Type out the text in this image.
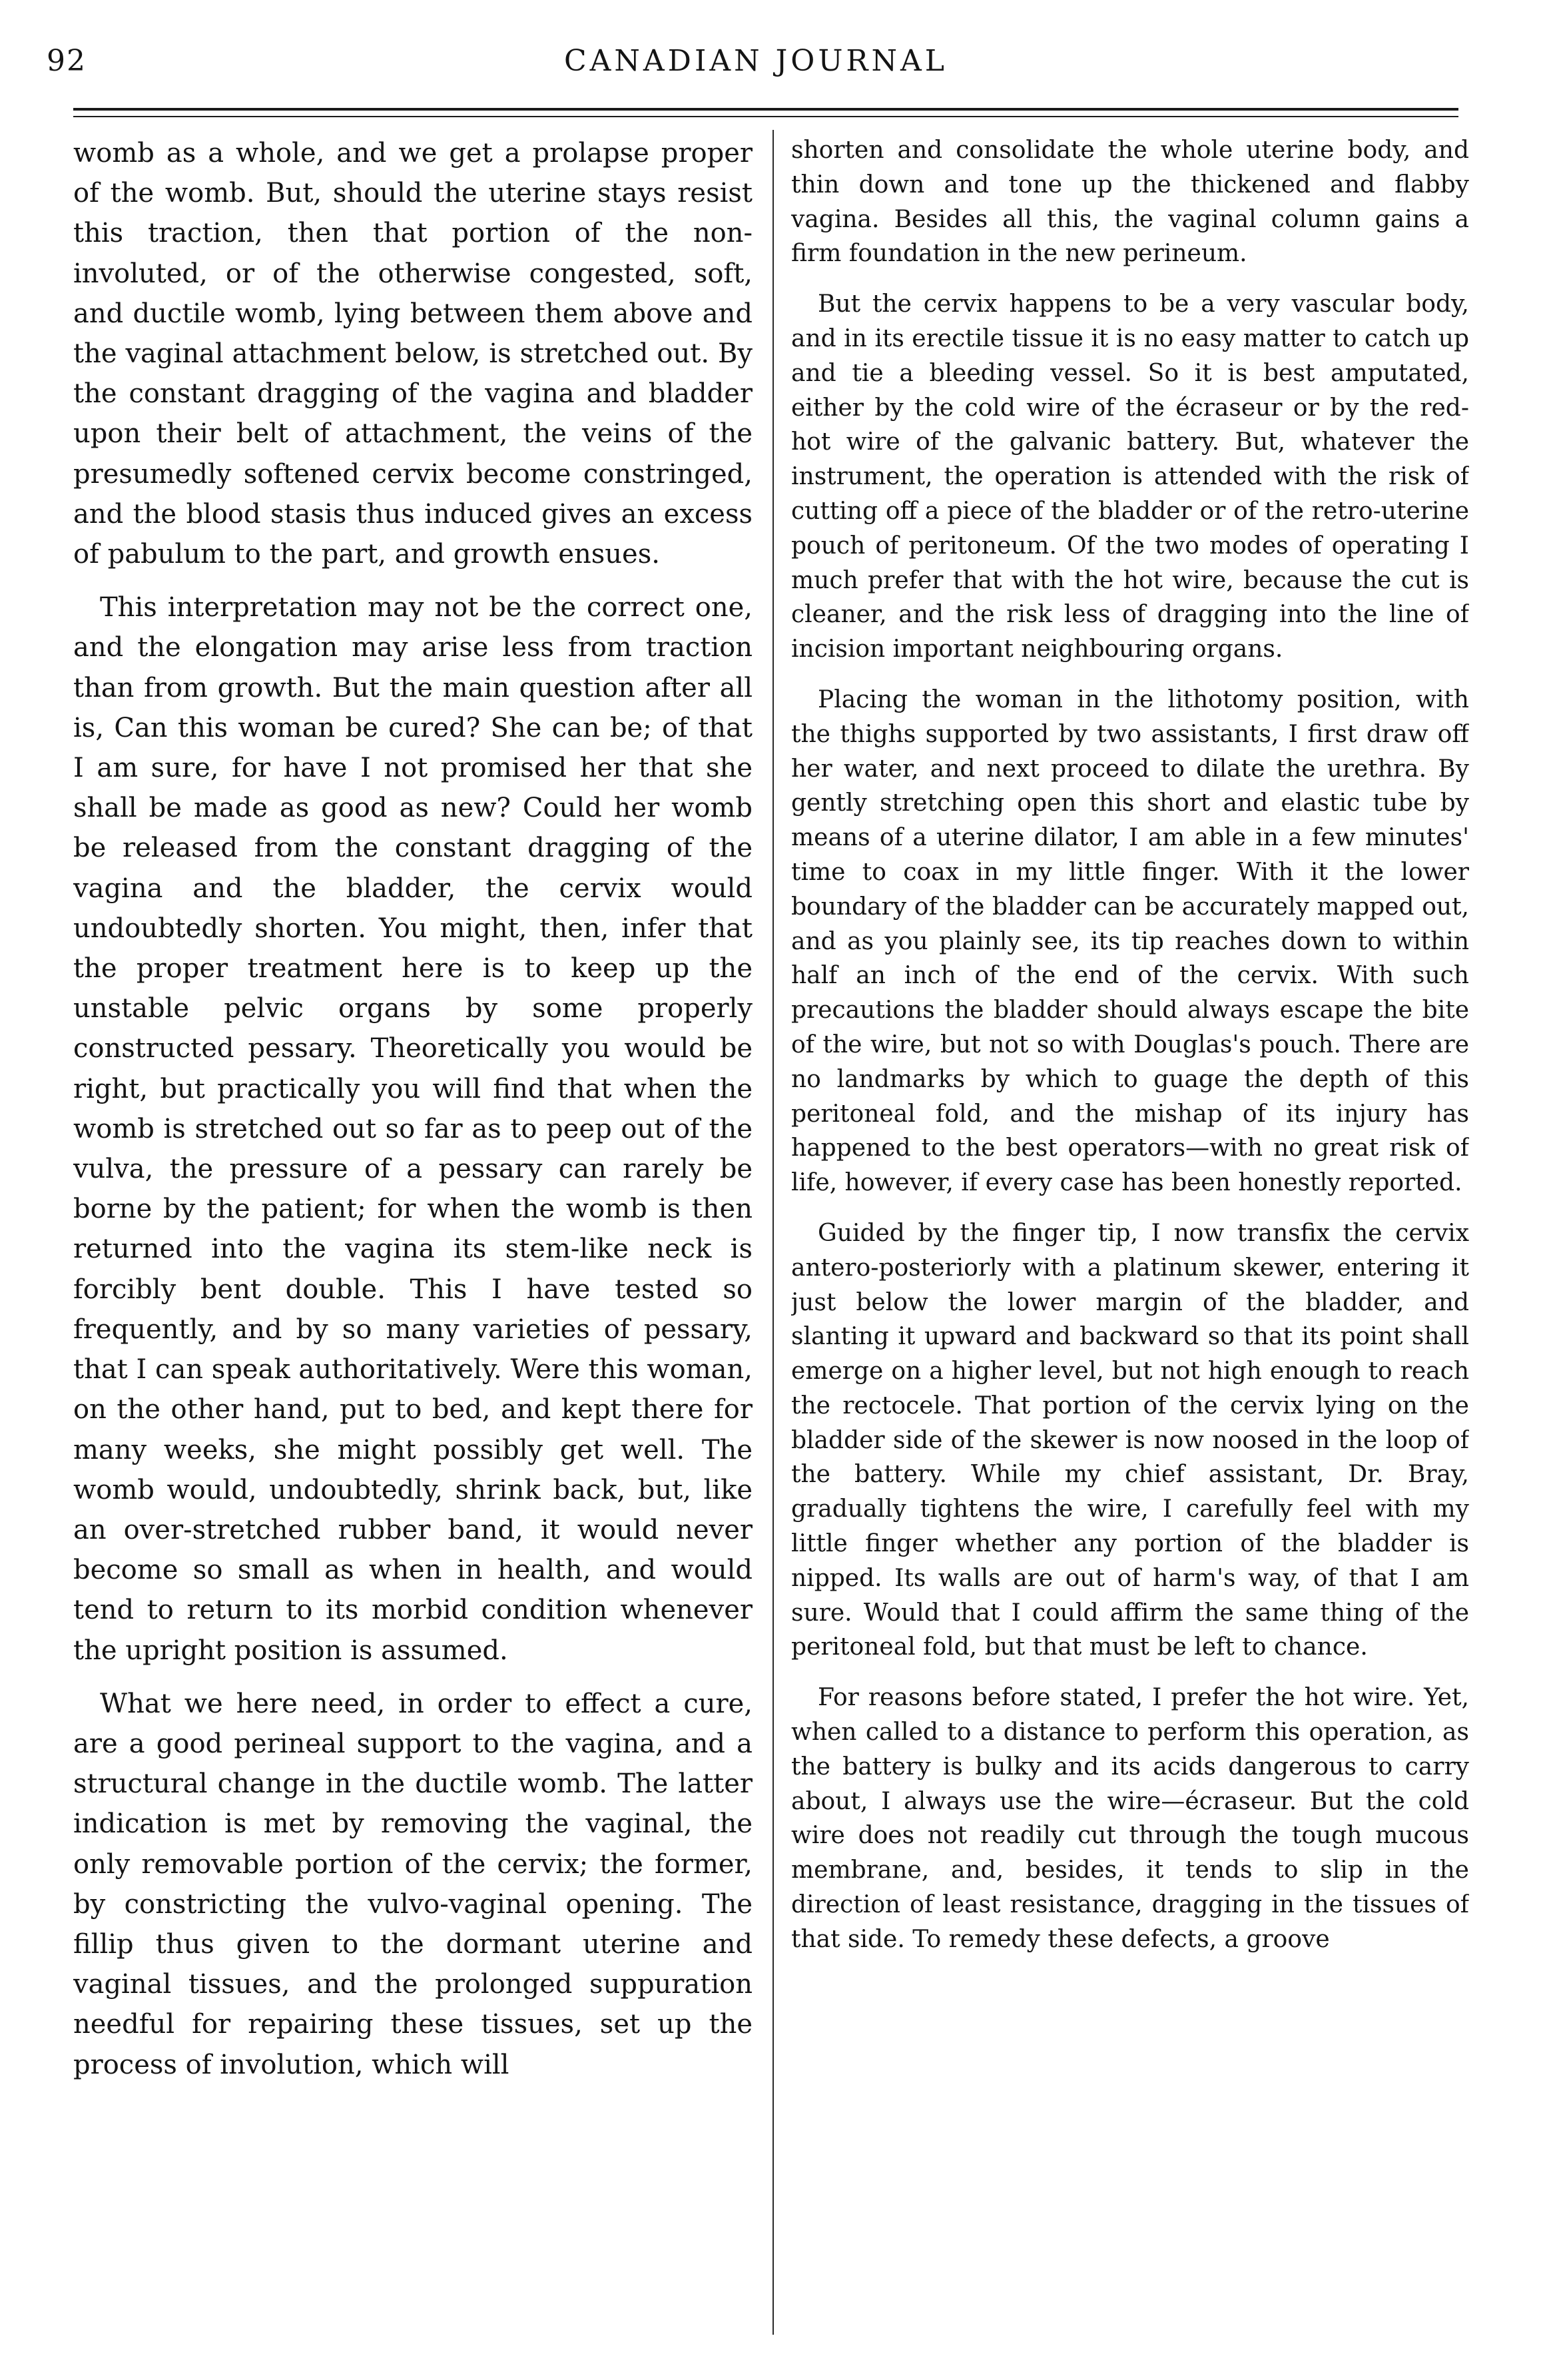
92	CANADIAN JOURNAL

womb as a whole, and we get a prolapse proper of the womb. But, should the uterine stays resist this traction, then that portion of the non-involuted, or of the otherwise congested, soft, and ductile womb, lying between them above and the vaginal attachment below, is stretched out. By the constant dragging of the vagina and bladder upon their belt of attachment, the veins of the presumedly softened cervix become constringed, and the blood stasis thus induced gives an excess of pabulum to the part, and growth ensues.

This interpretation may not be the correct one, and the elongation may arise less from traction than from growth. But the main question after all is, Can this woman be cured? She can be; of that I am sure, for have I not promised her that she shall be made as good as new? Could her womb be released from the constant dragging of the vagina and the bladder, the cervix would undoubtedly shorten. You might, then, infer that the proper treatment here is to keep up the unstable pelvic organs by some properly constructed pessary. Theoretically you would be right, but practically you will find that when the womb is stretched out so far as to peep out of the vulva, the pressure of a pessary can rarely be borne by the patient; for when the womb is then returned into the vagina its stem-like neck is forcibly bent double. This I have tested so frequently, and by so many varieties of pessary, that I can speak authoritatively. Were this woman, on the other hand, put to bed, and kept there for many weeks, she might possibly get well. The womb would, undoubtedly, shrink back, but, like an over-stretched rubber band, it would never become so small as when in health, and would tend to return to its morbid condition whenever the upright position is assumed.

What we here need, in order to effect a cure, are a good perineal support to the vagina, and a structural change in the ductile womb. The latter indication is met by removing the vaginal, the only removable portion of the cervix; the former, by constricting the vulvo-vaginal opening. The fillip thus given to the dormant uterine and vaginal tissues, and the prolonged suppuration needful for repairing these tissues, set up the process of involution, which will

shorten and consolidate the whole uterine body, and thin down and tone up the thickened and flabby vagina. Besides all this, the vaginal column gains a firm foundation in the new perineum.

But the cervix happens to be a very vascular body, and in its erectile tissue it is no easy matter to catch up and tie a bleeding vessel. So it is best amputated, either by the cold wire of the écraseur or by the red-hot wire of the galvanic battery. But, whatever the instrument, the operation is attended with the risk of cutting off a piece of the bladder or of the retro-uterine pouch of peritoneum. Of the two modes of operating I much prefer that with the hot wire, because the cut is cleaner, and the risk less of dragging into the line of incision important neighbouring organs.

Placing the woman in the lithotomy position, with the thighs supported by two assistants, I first draw off her water, and next proceed to dilate the urethra. By gently stretching open this short and elastic tube by means of a uterine dilator, I am able in a few minutes' time to coax in my little finger. With it the lower boundary of the bladder can be accurately mapped out, and as you plainly see, its tip reaches down to within half an inch of the end of the cervix. With such precautions the bladder should always escape the bite of the wire, but not so with Douglas's pouch. There are no landmarks by which to guage the depth of this peritoneal fold, and the mishap of its injury has happened to the best operators—with no great risk of life, however, if every case has been honestly reported.

Guided by the finger tip, I now transfix the cervix antero-posteriorly with a platinum skewer, entering it just below the lower margin of the bladder, and slanting it upward and backward so that its point shall emerge on a higher level, but not high enough to reach the rectocele. That portion of the cervix lying on the bladder side of the skewer is now noosed in the loop of the battery. While my chief assistant, Dr. Bray, gradually tightens the wire, I carefully feel with my little finger whether any portion of the bladder is nipped. Its walls are out of harm's way, of that I am sure. Would that I could affirm the same thing of the peritoneal fold, but that must be left to chance.

For reasons before stated, I prefer the hot wire. Yet, when called to a distance to perform this operation, as the battery is bulky and its acids dangerous to carry about, I always use the wire—écraseur. But the cold wire does not readily cut through the tough mucous membrane, and, besides, it tends to slip in the direction of least resistance, dragging in the tissues of that side. To remedy these defects, a groove
